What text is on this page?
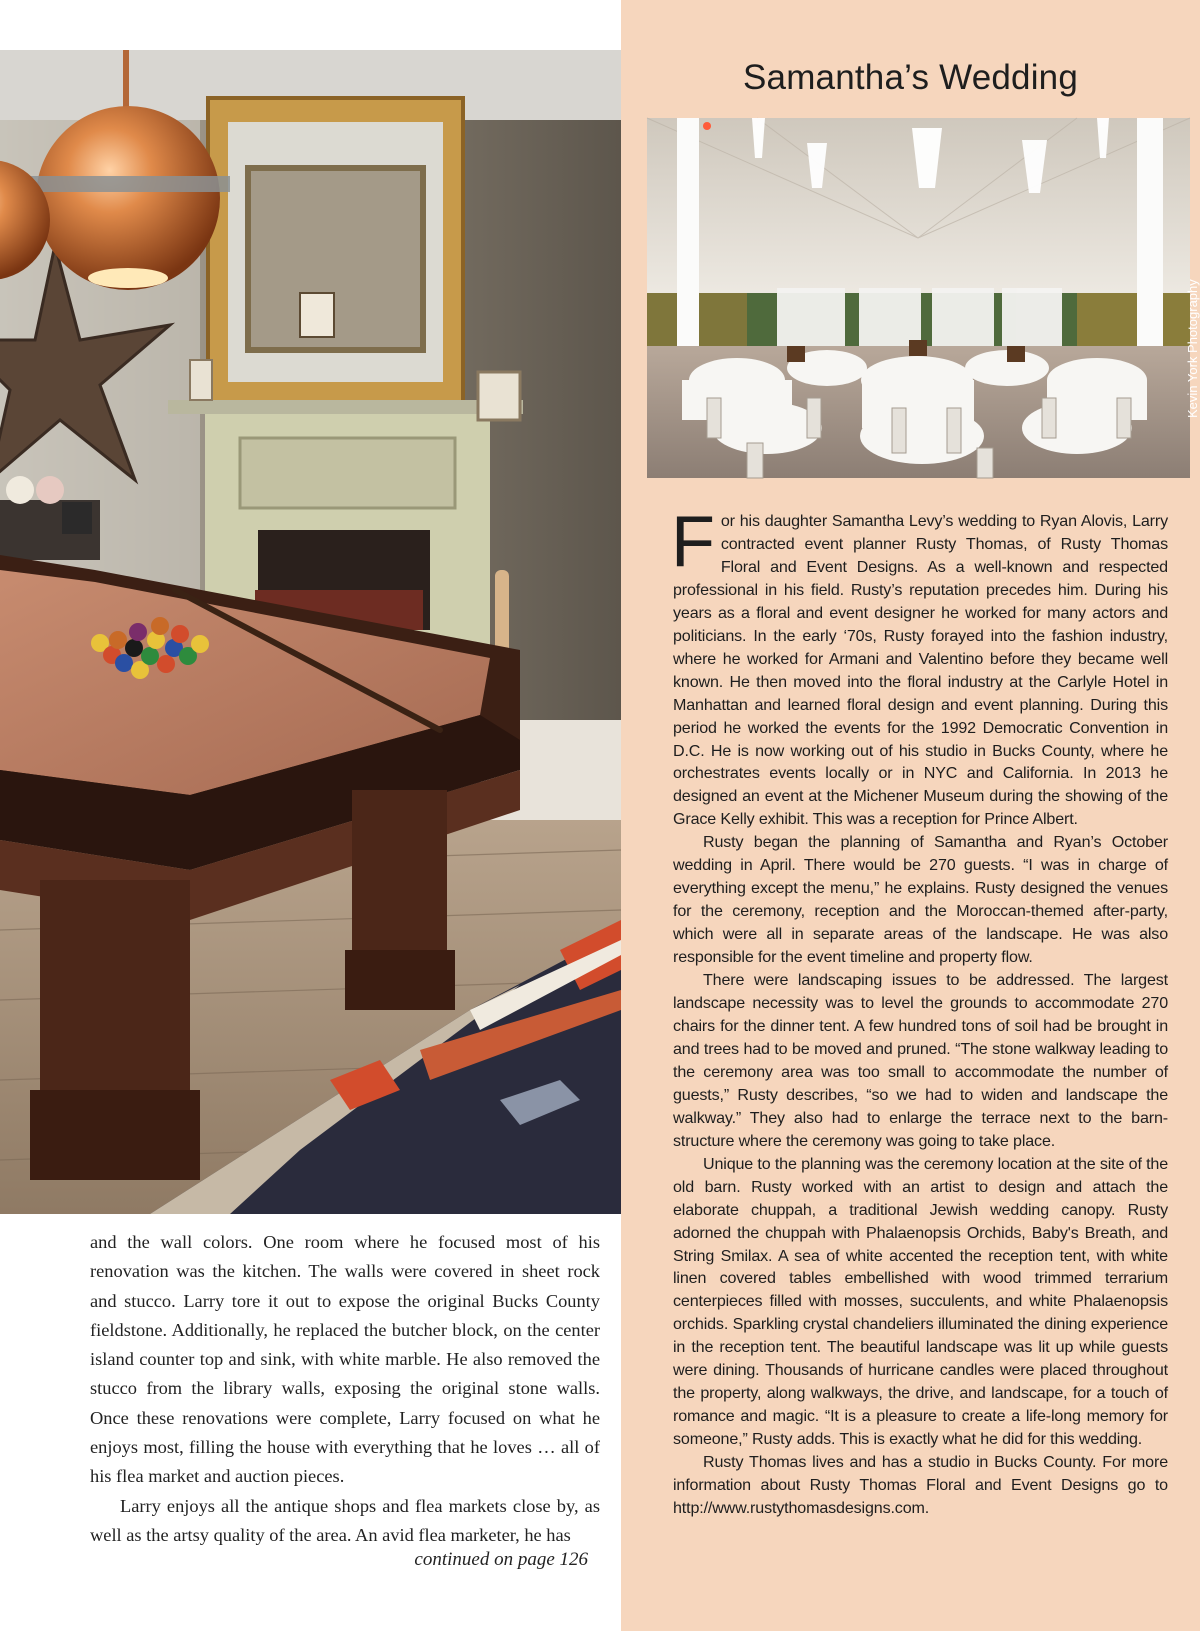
and the wall colors. One room where he focused most of his renovation was the kitchen. The walls were covered in sheet rock and stucco. Larry tore it out to expose the original Bucks County fieldstone. Additionally, he replaced the butcher block, on the center island counter top and sink, with white marble. He also removed the stucco from the library walls, exposing the original stone walls. Once these renovations were complete, Larry focused on what he enjoys most, filling the house with everything that he loves … all of his flea market and auction pieces.

Larry enjoys all the antique shops and flea markets close by, as well as the artsy quality of the area. An avid flea marketer, he has

continued on page 126
Samantha’s Wedding
Kevin York Photography

For his daughter Samantha Levy’s wedding to Ryan Alovis, Larry contracted event planner Rusty Thomas, of Rusty Thomas Floral and Event Designs. As a well-known and respected professional in his field. Rusty’s reputation precedes him. During his years as a floral and event designer he worked for many actors and politicians. In the early ‘70s, Rusty forayed into the fashion industry, where he worked for Armani and Valentino before they became well known. He then moved into the floral industry at the Carlyle Hotel in Manhattan and learned floral design and event planning. During this period he worked the events for the 1992 Democratic Convention in D.C. He is now working out of his studio in Bucks County, where he orchestrates events locally or in NYC and California. In 2013 he designed an event at the Michener Museum during the showing of the Grace Kelly exhibit. This was a reception for Prince Albert.

Rusty began the planning of Samantha and Ryan’s October wedding in April. There would be 270 guests. “I was in charge of everything except the menu,” he explains. Rusty designed the venues for the ceremony, reception and the Moroccan-themed after-party, which were all in separate areas of the landscape. He was also responsible for the event timeline and property flow.

There were landscaping issues to be addressed. The largest landscape necessity was to level the grounds to accommodate 270 chairs for the dinner tent. A few hundred tons of soil had be brought in and trees had to be moved and pruned. “The stone walkway leading to the ceremony area was too small to accommodate the number of guests,” Rusty describes, “so we had to widen and landscape the walkway.” They also had to enlarge the terrace next to the barn-structure where the ceremony was going to take place.

Unique to the planning was the ceremony location at the site of the old barn. Rusty worked with an artist to design and attach the elaborate chuppah, a traditional Jewish wedding canopy. Rusty adorned the chuppah with Phalaenopsis Orchids, Baby's Breath, and String Smilax. A sea of white accented the reception tent, with white linen covered tables embellished with wood trimmed terrarium centerpieces filled with mosses, succulents, and white Phalaenopsis orchids. Sparkling crystal chandeliers illuminated the dining experience in the reception tent. The beautiful landscape was lit up while guests were dining. Thousands of hurricane candles were placed throughout the property, along walkways, the drive, and landscape, for a touch of romance and magic. “It is a pleasure to create a life-long memory for someone,” Rusty adds. This is exactly what he did for this wedding.

Rusty Thomas lives and has a studio in Bucks County. For more information about Rusty Thomas Floral and Event Designs go to http://www.rustythomasdesigns.com.
